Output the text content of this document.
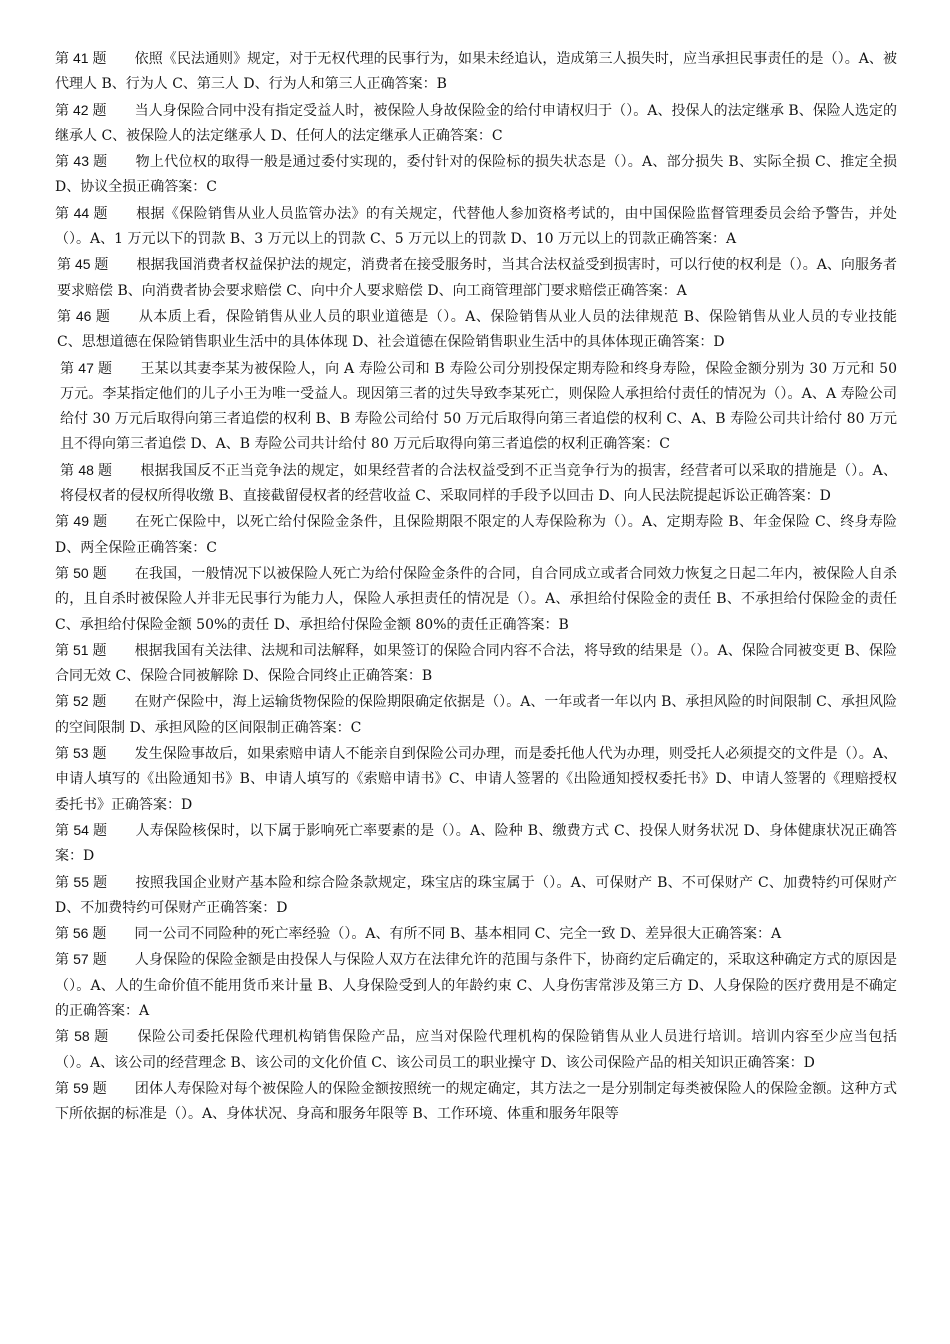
第 41 题 依照《民法通则》规定，对于无权代理的民事行为，如果未经追认，造成第三人损失时，应当承担民事责任的是（）。A、被代理人 B、行为人 C、第三人 D、行为人和第三人正确答案：B

第 42 题 当人身保险合同中没有指定受益人时，被保险人身故保险金的给付申请权归于（）。A、投保人的法定继承 B、保险人选定的继承人 C、被保险人的法定继承人 D、任何人的法定继承人正确答案：C

第 43 题 物上代位权的取得一般是通过委付实现的，委付针对的保险标的损失状态是（）。A、部分损失 B、实际全损 C、推定全损 D、协议全损正确答案：C

第 44 题 根据《保险销售从业人员监管办法》的有关规定，代替他人参加资格考试的，由中国保险监督管理委员会给予警告，并处（）。A、1 万元以下的罚款 B、3 万元以上的罚款 C、5 万元以上的罚款 D、10 万元以上的罚款正确答案：A

第 45 题 根据我国消费者权益保护法的规定，消费者在接受服务时，当其合法权益受到损害时，可以行使的权利是（）。A、向服务者要求赔偿 B、向消费者协会要求赔偿 C、向中介人要求赔偿 D、向工商管理部门要求赔偿正确答案：A

第 46 题 从本质上看，保险销售从业人员的职业道德是（）。A、保险销售从业人员的法律规范 B、保险销售从业人员的专业技能 C、思想道德在保险销售职业生活中的具体体现 D、社会道德在保险销售职业生活中的具体体现正确答案：D

第 47 题 王某以其妻李某为被保险人，向 A 寿险公司和 B 寿险公司分别投保定期寿险和终身寿险，保险金额分别为 30 万元和 50 万元。李某指定他们的儿子小王为唯一受益人。现因第三者的过失导致李某死亡，则保险人承担给付责任的情况为（）。A、A 寿险公司给付 30 万元后取得向第三者追偿的权利 B、B 寿险公司给付 50 万元后取得向第三者追偿的权利 C、A、B 寿险公司共计给付 80 万元且不得向第三者追偿 D、A、B 寿险公司共计给付 80 万元后取得向第三者追偿的权利正确答案：C

第 48 题 根据我国反不正当竞争法的规定，如果经营者的合法权益受到不正当竞争行为的损害，经营者可以采取的措施是（）。A、将侵权者的侵权所得收缴 B、直接截留侵权者的经营收益 C、采取同样的手段予以回击 D、向人民法院提起诉讼正确答案：D

第 49 题 在死亡保险中，以死亡给付保险金条件，且保险期限不限定的人寿保险称为（）。A、定期寿险 B、年金保险 C、终身寿险 D、两全保险正确答案：C

第 50 题 在我国，一般情况下以被保险人死亡为给付保险金条件的合同，自合同成立或者合同效力恢复之日起二年内，被保险人自杀的，且自杀时被保险人并非无民事行为能力人，保险人承担责任的情况是（）。A、承担给付保险金的责任 B、不承担给付保险金的责任 C、承担给付保险金额 50%的责任 D、承担给付保险金额 80%的责任正确答案：B

第 51 题 根据我国有关法律、法规和司法解释，如果签订的保险合同内容不合法，将导致的结果是（）。A、保险合同被变更 B、保险合同无效 C、保险合同被解除 D、保险合同终止正确答案：B

第 52 题 在财产保险中，海上运输货物保险的保险期限确定依据是（）。A、一年或者一年以内 B、承担风险的时间限制 C、承担风险的空间限制 D、承担风险的区间限制正确答案：C

第 53 题 发生保险事故后，如果索赔申请人不能亲自到保险公司办理，而是委托他人代为办理，则受托人必须提交的文件是（）。A、申请人填写的《出险通知书》B、申请人填写的《索赔申请书》C、申请人签署的《出险通知授权委托书》D、申请人签署的《理赔授权委托书》正确答案：D

第 54 题 人寿保险核保时，以下属于影响死亡率要素的是（）。A、险种 B、缴费方式 C、投保人财务状况 D、身体健康状况正确答案：D

第 55 题 按照我国企业财产基本险和综合险条款规定，珠宝店的珠宝属于（）。A、可保财产 B、不可保财产 C、加费特约可保财产 D、不加费特约可保财产正确答案：D

第 56 题 同一公司不同险种的死亡率经验（）。A、有所不同 B、基本相同 C、完全一致 D、差异很大正确答案：A

第 57 题 人身保险的保险金额是由投保人与保险人双方在法律允许的范围与条件下，协商约定后确定的，采取这种确定方式的原因是（）。A、人的生命价值不能用货币来计量 B、人身保险受到人的年龄约束 C、人身伤害常涉及第三方 D、人身保险的医疗费用是不确定的正确答案：A

第 58 题 保险公司委托保险代理机构销售保险产品，应当对保险代理机构的保险销售从业人员进行培训。培训内容至少应当包括（）。A、该公司的经营理念 B、该公司的文化价值 C、该公司员工的职业操守 D、该公司保险产品的相关知识正确答案：D

第 59 题 团体人寿保险对每个被保险人的保险金额按照统一的规定确定，其方法之一是分别制定每类被保险人的保险金额。这种方式下所依据的标准是（）。A、身体状况、身高和服务年限等 B、工作环境、体重和服务年限等
